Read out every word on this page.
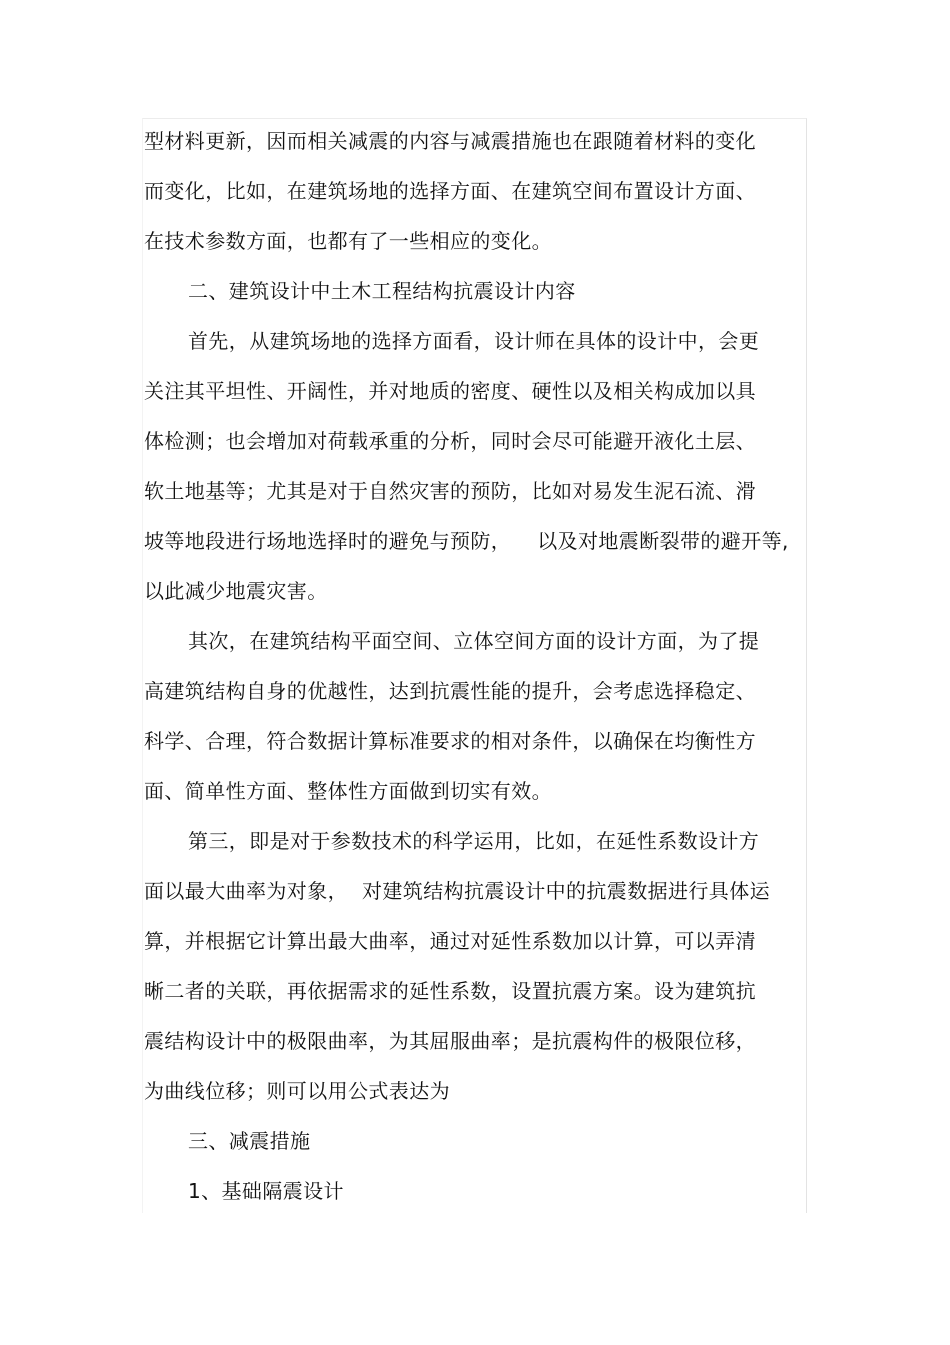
型材料更新，因而相关减震的内容与减震措施也在跟随着材料的变化
而变化，比如，在建筑场地的选择方面、在建筑空间布置设计方面、
在技术参数方面，也都有了一些相应的变化。
二、建筑设计中土木工程结构抗震设计内容
首先，从建筑场地的选择方面看，设计师在具体的设计中，会更
关注其平坦性、开阔性，并对地质的密度、硬性以及相关构成加以具
体检测；也会增加对荷载承重的分析，同时会尽可能避开液化土层、
软土地基等；尤其是对于自然灾害的预防，比如对易发生泥石流、滑
坡等地段进行场地选择时的避免与预防， 以及对地震断裂带的避开等,
以此减少地震灾害。
其次，在建筑结构平面空间、立体空间方面的设计方面，为了提
高建筑结构自身的优越性，达到抗震性能的提升，会考虑选择稳定、
科学、合理，符合数据计算标准要求的相对条件，以确保在均衡性方
面、简单性方面、整体性方面做到切实有效。
第三，即是对于参数技术的科学运用，比如，在延性系数设计方
面以最大曲率为对象， 对建筑结构抗震设计中的抗震数据进行具体运
算，并根据它计算出最大曲率，通过对延性系数加以计算，可以弄清
晰二者的关联，再依据需求的延性系数，设置抗震方案。设为建筑抗
震结构设计中的极限曲率，为其屈服曲率；是抗震构件的极限位移，
为曲线位移；则可以用公式表达为
三、减震措施
1、基础隔震设计
